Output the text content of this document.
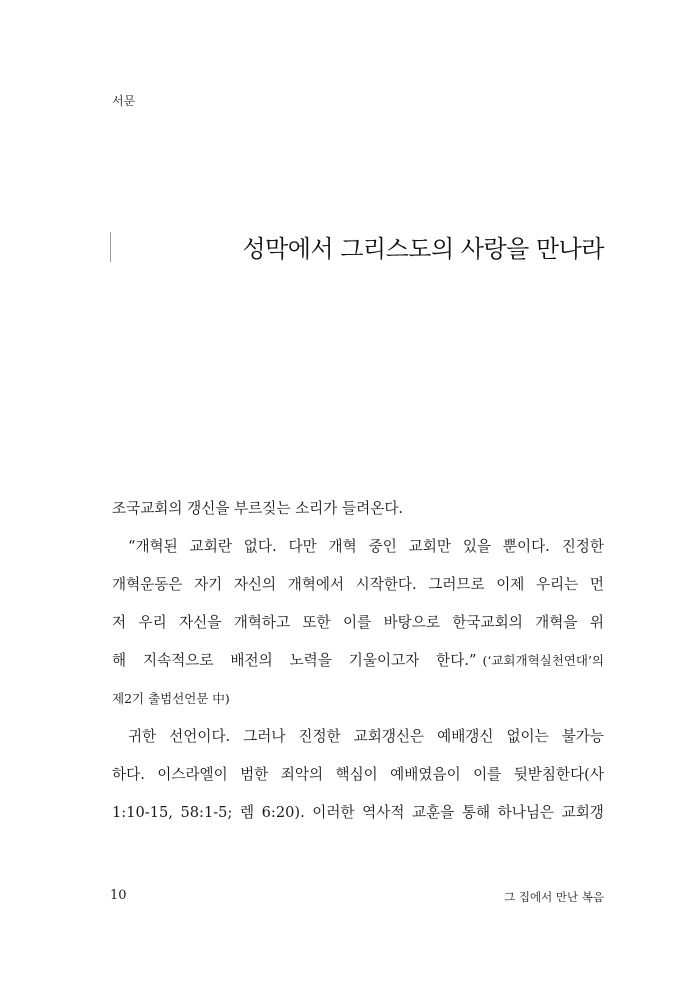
서문
성막에서 그리스도의 사랑을 만나라
조국교회의 갱신을 부르짖는 소리가 들려온다.
“개혁된 교회란 없다. 다만 개혁 중인 교회만 있을 뿐이다. 진정한
개혁운동은 자기 자신의 개혁에서 시작한다. 그러므로 이제 우리는 먼
저 우리 자신을 개혁하고 또한 이를 바탕으로 한국교회의 개혁을 위
해 지속적으로 배전의 노력을 기울이고자 한다.” (‘교회개혁실천연대’의
제2기 출범선언문 中)
귀한 선언이다. 그러나 진정한 교회갱신은 예배갱신 없이는 불가능
하다. 이스라엘이 범한 죄악의 핵심이 예배였음이 이를 뒷받침한다(사
1:10-15, 58:1-5; 렘 6:20). 이러한 역사적 교훈을 통해 하나님은 교회갱
10	그 집에서 만난 복음
